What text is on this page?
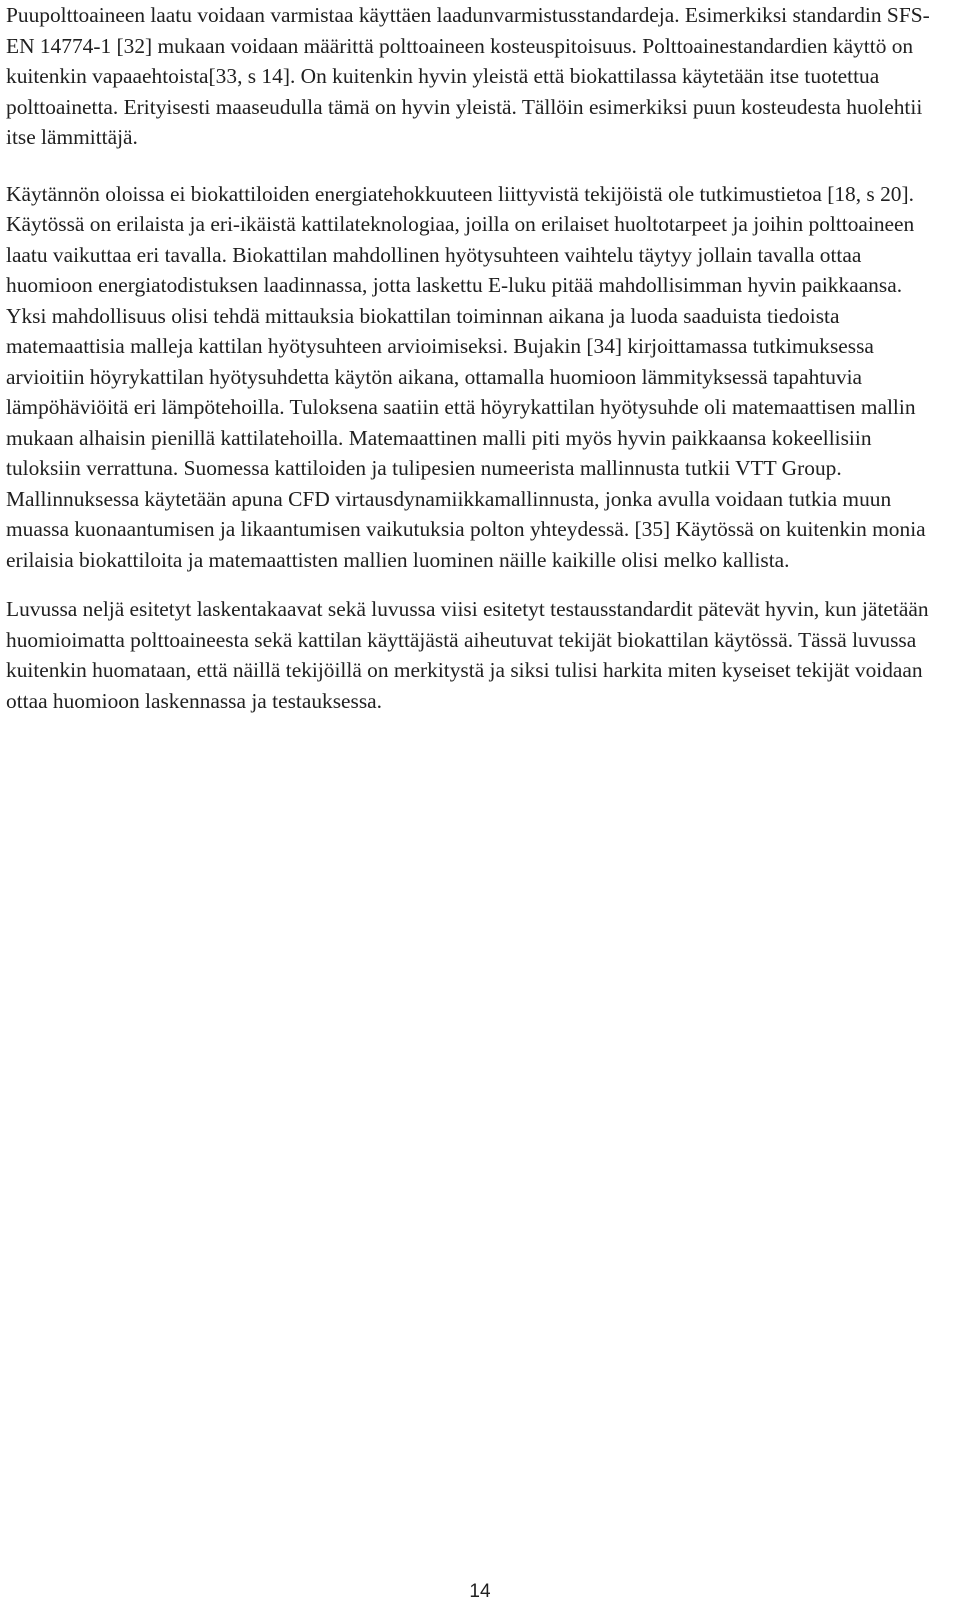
Puupolttoaineen laatu voidaan varmistaa käyttäen laadunvarmistusstandardeja. Esimerkiksi standardin SFS-EN 14774-1 [32] mukaan voidaan määrittä polttoaineen kosteuspitoisuus. Polttoainestandardien käyttö on kuitenkin vapaaehtoista[33, s 14]. On kuitenkin hyvin yleistä että biokattilassa käytetään itse tuotettua polttoainetta. Erityisesti maaseudulla tämä on hyvin yleistä. Tällöin esimerkiksi puun kosteudesta huolehtii itse lämmittäjä.

Käytännön oloissa ei biokattiloiden energiatehokkuuteen liittyvistä tekijöistä ole tutkimustietoa [18, s 20]. Käytössä on erilaista ja eri-ikäistä kattilateknologiaa, joilla on erilaiset huoltotarpeet ja joihin polttoaineen laatu vaikuttaa eri tavalla. Biokattilan mahdollinen hyötysuhteen vaihtelu täytyy jollain tavalla ottaa huomioon energiatodistuksen laadinnassa, jotta laskettu E-luku pitää mahdollisimman hyvin paikkaansa. Yksi mahdollisuus olisi tehdä mittauksia biokattilan toiminnan aikana ja luoda saaduista tiedoista matemaattisia malleja kattilan hyötysuhteen arvioimiseksi. Bujakin [34] kirjoittamassa tutkimuksessa arvioitiin höyrykattilan hyötysuhdetta käytön aikana, ottamalla huomioon lämmityksessä tapahtuvia lämpöhäviöitä eri lämpötehoilla. Tuloksena saatiin että höyrykattilan hyötysuhde oli matemaattisen mallin mukaan alhaisin pienillä kattilatehoilla. Matemaattinen malli piti myös hyvin paikkaansa kokeellisiin tuloksiin verrattuna. Suomessa kattiloiden ja tulipesien numeerista mallinnusta tutkii VTT Group. Mallinnuksessa käytetään apuna CFD virtausdynamiikkamallinnusta, jonka avulla voidaan tutkia muun muassa kuonaantumisen ja likaantumisen vaikutuksia polton yhteydessä. [35] Käytössä on kuitenkin monia erilaisia biokattiloita ja matemaattisten mallien luominen näille kaikille olisi melko kallista.

Luvussa neljä esitetyt laskentakaavat sekä luvussa viisi esitetyt testausstandardit pätevät hyvin, kun jätetään huomioimatta polttoaineesta sekä kattilan käyttäjästä aiheutuvat tekijät biokattilan käytössä. Tässä luvussa kuitenkin huomataan, että näillä tekijöillä on merkitystä ja siksi tulisi harkita miten kyseiset tekijät voidaan ottaa huomioon laskennassa ja testauksessa.

14
